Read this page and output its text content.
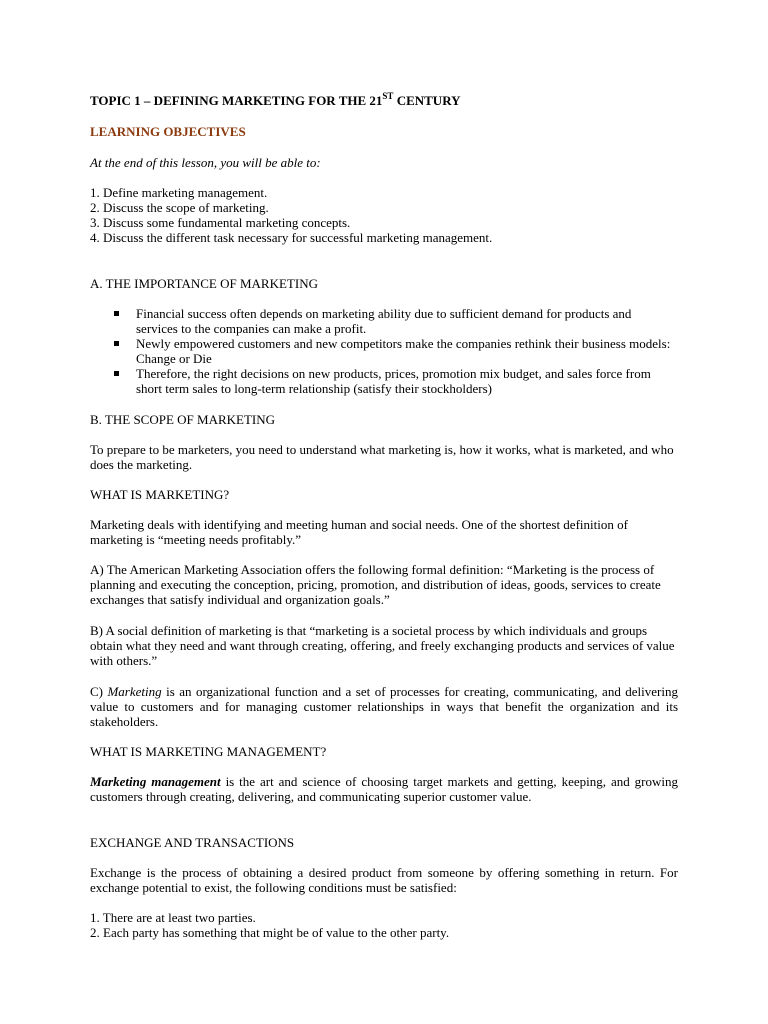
TOPIC 1 – DEFINING MARKETING FOR THE 21ST CENTURY

LEARNING OBJECTIVES

At the end of this lesson, you will be able to:

1. Define marketing management.
2. Discuss the scope of marketing.
3. Discuss some fundamental marketing concepts.
4. Discuss the different task necessary for successful marketing management.

A. THE IMPORTANCE OF MARKETING

Financial success often depends on marketing ability due to sufficient demand for products and services to the companies can make a profit.
Newly empowered customers and new competitors make the companies rethink their business models: Change or Die
Therefore, the right decisions on new products, prices, promotion mix budget, and sales force from short term sales to long-term relationship (satisfy their stockholders)

B. THE SCOPE OF MARKETING

To prepare to be marketers, you need to understand what marketing is, how it works, what is marketed, and who does the marketing.

WHAT IS MARKETING?

Marketing deals with identifying and meeting human and social needs. One of the shortest definition of marketing is “meeting needs profitably.”

A) The American Marketing Association offers the following formal definition: “Marketing is the process of planning and executing the conception, pricing, promotion, and distribution of ideas, goods, services to create exchanges that satisfy individual and organization goals.”

B) A social definition of marketing is that “marketing is a societal process by which individuals and groups obtain what they need and want through creating, offering, and freely exchanging products and services of value with others.”

C) Marketing is an organizational function and a set of processes for creating, communicating, and delivering value to customers and for managing customer relationships in ways that benefit the organization and its stakeholders.

WHAT IS MARKETING MANAGEMENT?

Marketing management is the art and science of choosing target markets and getting, keeping, and growing customers through creating, delivering, and communicating superior customer value.

EXCHANGE AND TRANSACTIONS

Exchange is the process of obtaining a desired product from someone by offering something in return. For exchange potential to exist, the following conditions must be satisfied:

1. There are at least two parties.
2. Each party has something that might be of value to the other party.
